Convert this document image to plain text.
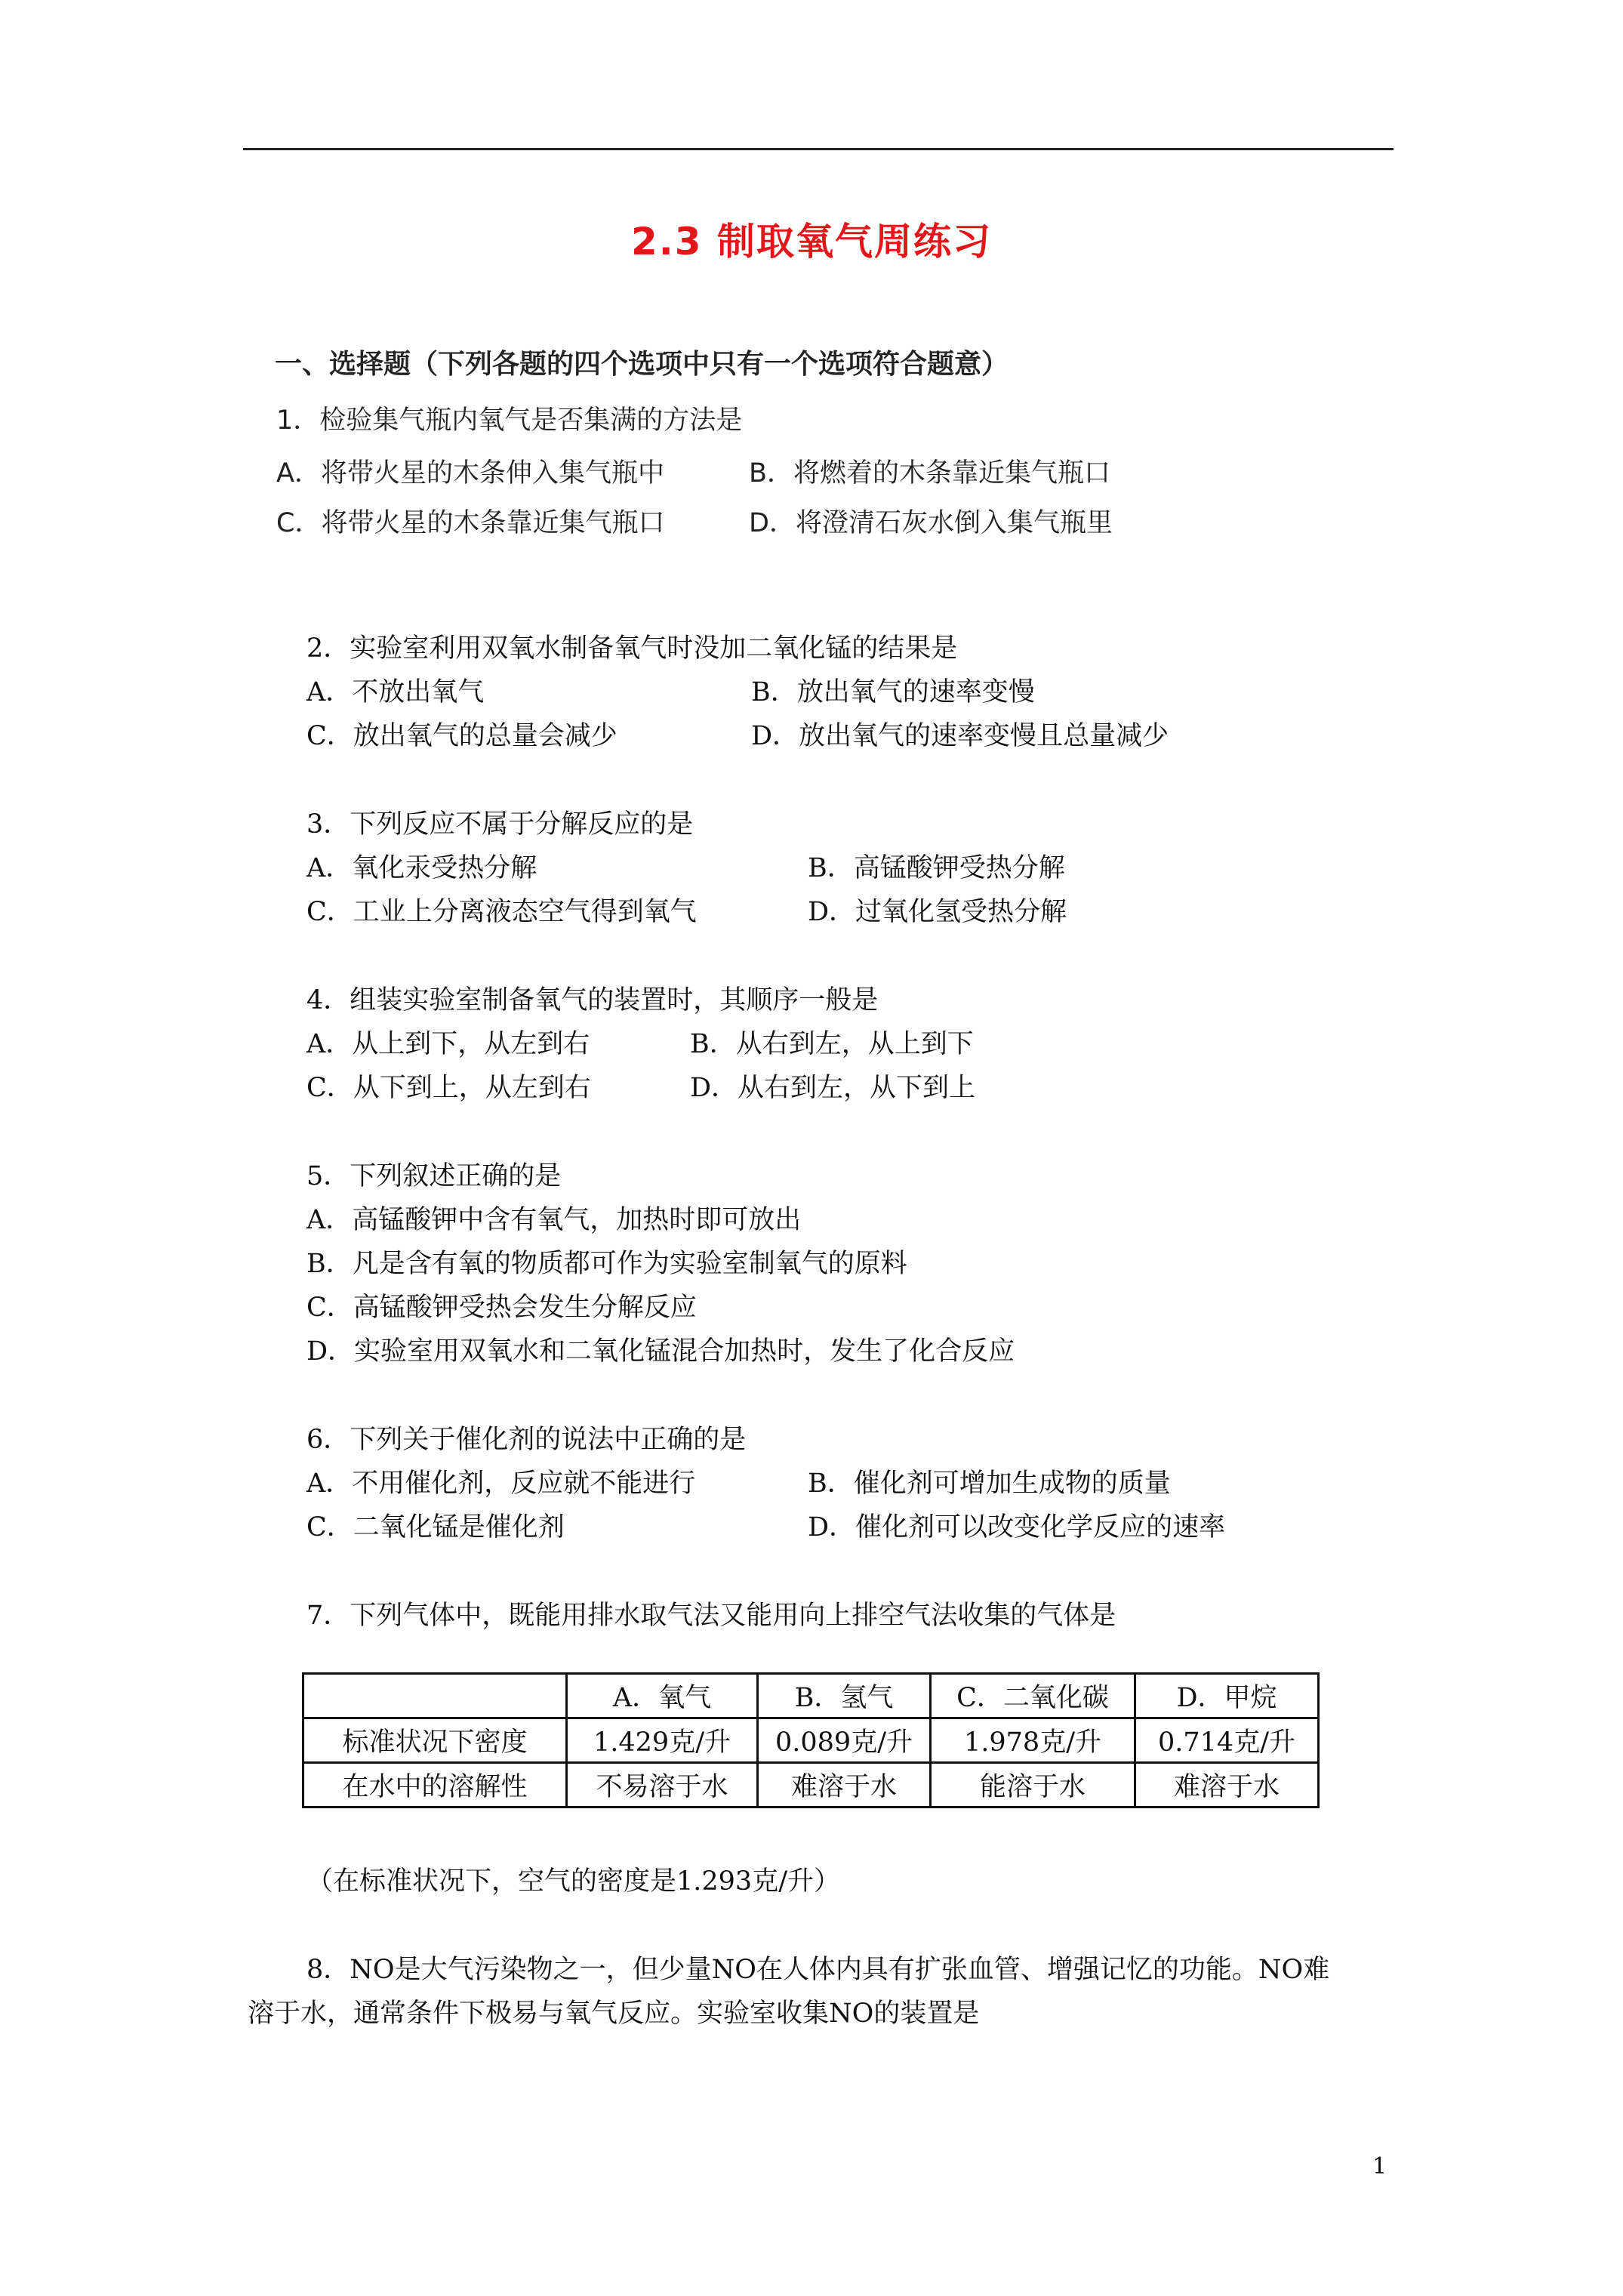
2.3 制取氧气周练习
一、选择题（下列各题的四个选项中只有一个选项符合题意）
1．检验集气瓶内氧气是否集满的方法是
A．将带火星的木条伸入集气瓶中	B．将燃着的木条靠近集气瓶口
C．将带火星的木条靠近集气瓶口	D．将澄清石灰水倒入集气瓶里
2．实验室利用双氧水制备氧气时没加二氧化锰的结果是
A．不放出氧气	B．放出氧气的速率变慢
C．放出氧气的总量会减少	D．放出氧气的速率变慢且总量减少
3．下列反应不属于分解反应的是
A．氧化汞受热分解	B．高锰酸钾受热分解
C．工业上分离液态空气得到氧气	D．过氧化氢受热分解
4．组装实验室制备氧气的装置时，其顺序一般是
A．从上到下，从左到右	B．从右到左，从上到下
C．从下到上，从左到右	D．从右到左，从下到上
5．下列叙述正确的是
A．高锰酸钾中含有氧气，加热时即可放出
B．凡是含有氧的物质都可作为实验室制氧气的原料
C．高锰酸钾受热会发生分解反应
D．实验室用双氧水和二氧化锰混合加热时，发生了化合反应
6．下列关于催化剂的说法中正确的是
A．不用催化剂，反应就不能进行	B．催化剂可增加生成物的质量
C．二氧化锰是催化剂	D．催化剂可以改变化学反应的速率
7．下列气体中，既能用排水取气法又能用向上排空气法收集的气体是
	A．氧气	B．氢气	C．二氧化碳	D．甲烷
标准状况下密度	1.429克/升	0.089克/升	1.978克/升	0.714克/升
在水中的溶解性	不易溶于水	难溶于水	能溶于水	难溶于水
（在标准状况下，空气的密度是1.293克/升）
8．NO是大气污染物之一，但少量NO在人体内具有扩张血管、增强记忆的功能。NO难
溶于水，通常条件下极易与氧气反应。实验室收集NO的装置是
1
